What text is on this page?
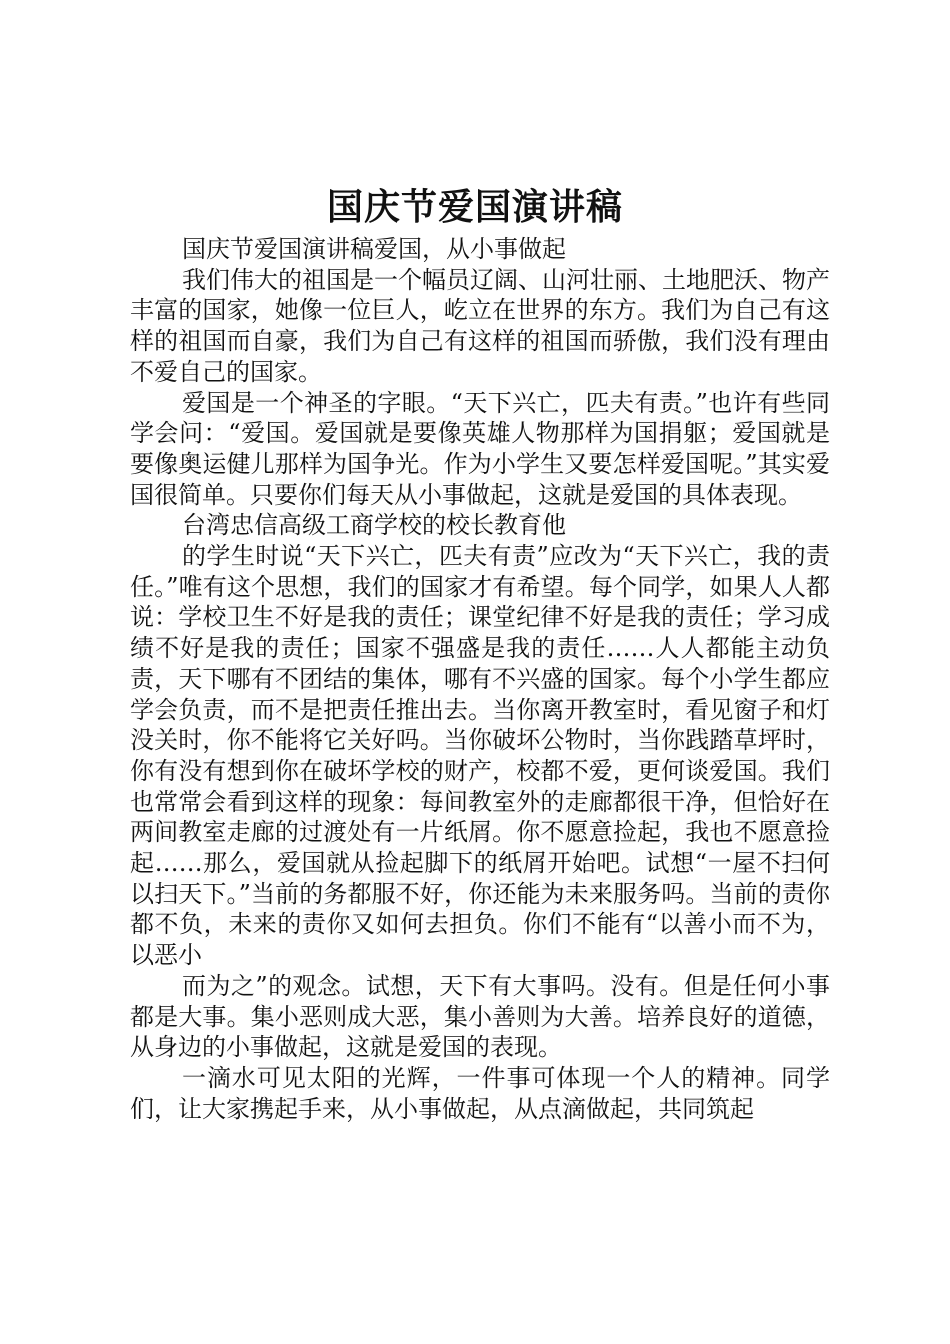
国庆节爱国演讲稿

国庆节爱国演讲稿爱国，从小事做起

我们伟大的祖国是一个幅员辽阔、山河壮丽、土地肥沃、物产丰富的国家，她像一位巨人，屹立在世界的东方。我们为自己有这样的祖国而自豪，我们为自己有这样的祖国而骄傲，我们没有理由不爱自己的国家。

爱国是一个神圣的字眼。“天下兴亡，匹夫有责。”也许有些同学会问：“爱国。爱国就是要像英雄人物那样为国捐躯；爱国就是要像奥运健儿那样为国争光。作为小学生又要怎样爱国呢。”其实爱国很简单。只要你们每天从小事做起，这就是爱国的具体表现。

台湾忠信高级工商学校的校长教育他

的学生时说“天下兴亡，匹夫有责”应改为“天下兴亡，我的责任。”唯有这个思想，我们的国家才有希望。每个同学，如果人人都说：学校卫生不好是我的责任；课堂纪律不好是我的责任；学习成绩不好是我的责任；国家不强盛是我的责任……人人都能主动负责，天下哪有不团结的集体，哪有不兴盛的国家。每个小学生都应学会负责，而不是把责任推出去。当你离开教室时，看见窗子和灯没关时，你不能将它关好吗。当你破坏公物时，当你践踏草坪时，你有没有想到你在破坏学校的财产，校都不爱，更何谈爱国。我们也常常会看到这样的现象：每间教室外的走廊都很干净，但恰好在两间教室走廊的过渡处有一片纸屑。你不愿意捡起，我也不愿意捡起……那么，爱国就从捡起脚下的纸屑开始吧。试想“一屋不扫何以扫天下。”当前的务都服不好，你还能为未来服务吗。当前的责你都不负，未来的责你又如何去担负。你们不能有“以善小而不为，以恶小

而为之”的观念。试想，天下有大事吗。没有。但是任何小事都是大事。集小恶则成大恶，集小善则为大善。培养良好的道德，从身边的小事做起，这就是爱国的表现。

一滴水可见太阳的光辉，一件事可体现一个人的精神。同学们，让大家携起手来，从小事做起，从点滴做起，共同筑起
